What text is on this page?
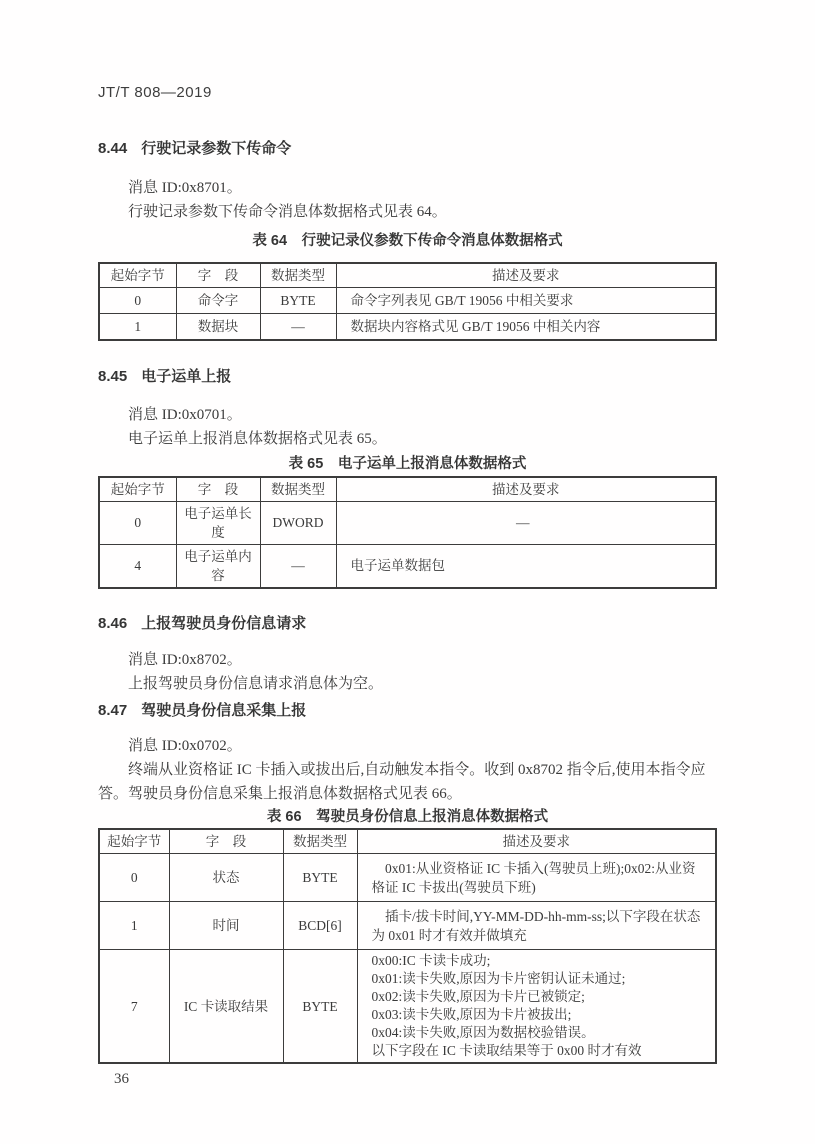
JT/T 808—2019
8.44 行驶记录参数下传命令

消息 ID:0x8701。

行驶记录参数下传命令消息体数据格式见表 64。

表 64　 行驶记录仪参数下传命令消息体数据格式
起始字节	字　段	数据类型	描述及要求
0	命令字	BYTE	命令字列表见 GB/T 19056 中相关要求
1	数据块	—	数据块内容格式见 GB/T 19056 中相关内容
8.45 电子运单上报

消息 ID:0x0701。

电子运单上报消息体数据格式见表 65。

表 65　 电子运单上报消息体数据格式
起始字节	字　段	数据类型	描述及要求
0	电子运单长度	DWORD	—
4	电子运单内容	—	电子运单数据包
8.46 上报驾驶员身份信息请求

消息 ID:0x8702。

上报驾驶员身份信息请求消息体为空。

8.47 驾驶员身份信息采集上报

消息 ID:0x0702。

终端从业资格证 IC 卡插入或拔出后,自动触发本指令。收到 0x8702 指令后,使用本指令应答。驾驶员身份信息采集上报消息体数据格式见表 66。

表 66　 驾驶员身份信息上报消息体数据格式
起始字节	字　段	数据类型	描述及要求
0	状态	BYTE	0x01:从业资格证 IC 卡插入(驾驶员上班);0x02:从业资格证 IC 卡拔出(驾驶员下班)
1	时间	BCD[6]	插卡/拔卡时间,YY-MM-DD-hh-mm-ss;以下字段在状态为 0x01 时才有效并做填充
7	IC 卡读取结果	BYTE	
0x00:IC 卡读卡成功;
0x01:读卡失败,原因为卡片密钥认证未通过;
0x02:读卡失败,原因为卡片已被锁定;
0x03:读卡失败,原因为卡片被拔出;
0x04:读卡失败,原因为数据校验错误。
以下字段在 IC 卡读取结果等于 0x00 时才有效
36
